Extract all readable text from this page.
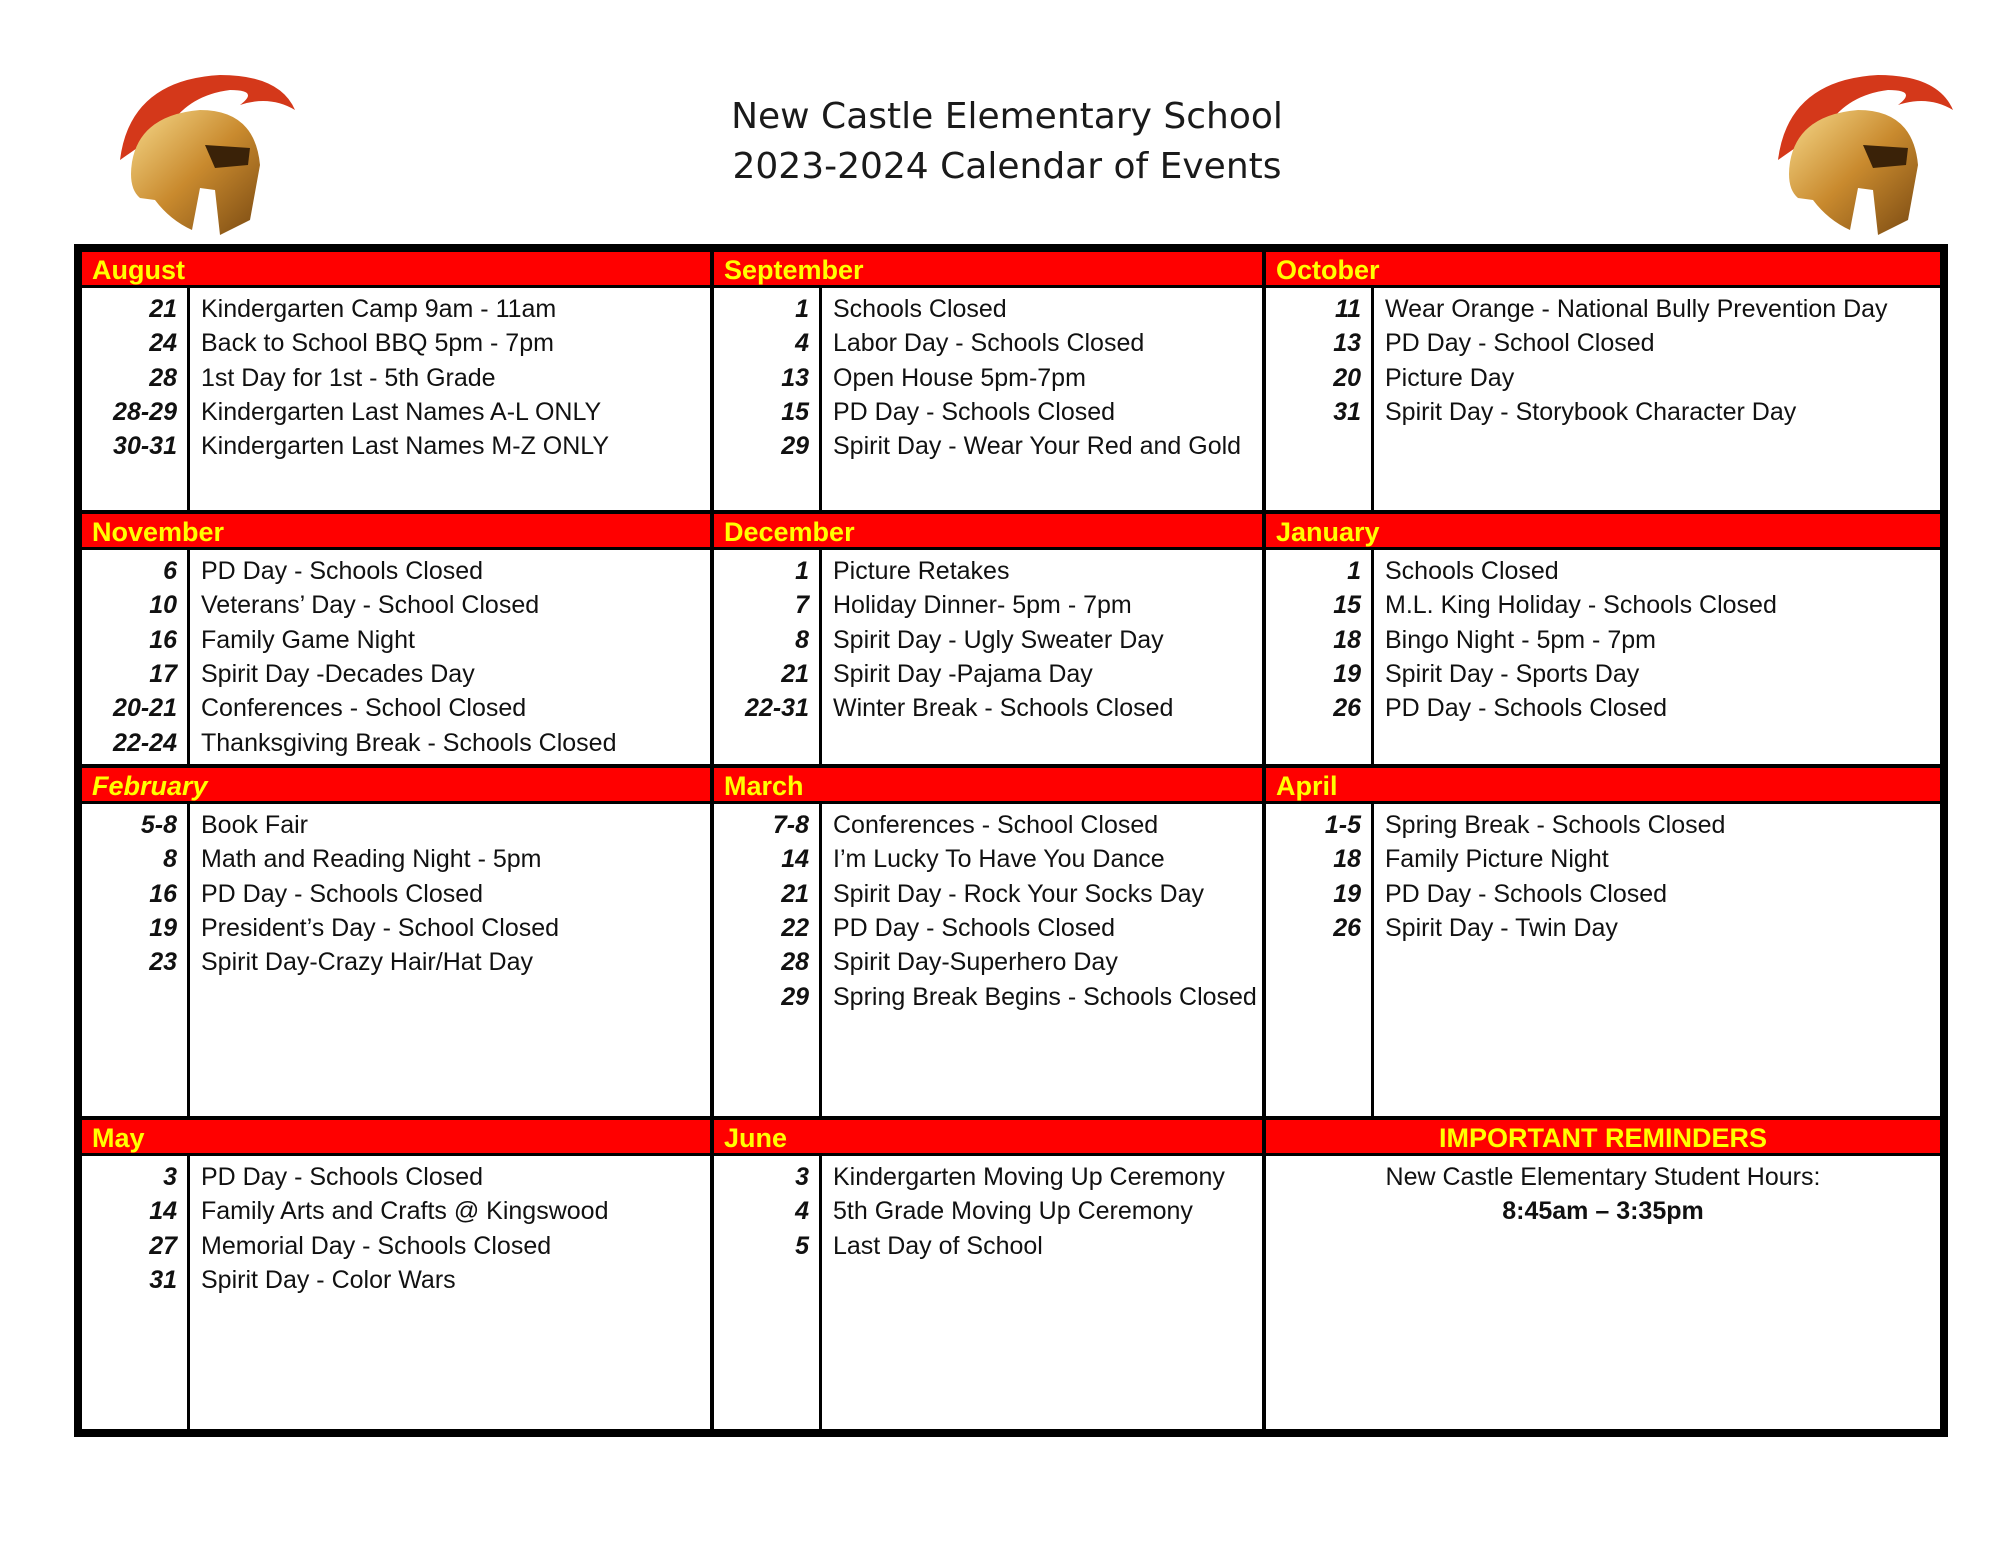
New Castle Elementary School
2023-2024 Calendar of Events
August
21 Kindergarten Camp 9am - 11am
24 Back to School BBQ 5pm - 7pm
28 1st Day for 1st - 5th Grade
28-29 Kindergarten Last Names A-L ONLY
30-31 Kindergarten Last Names M-Z ONLY
September
1 Schools Closed
4 Labor Day - Schools Closed
13 Open House 5pm-7pm
15 PD Day - Schools Closed
29 Spirit Day - Wear Your Red and Gold
October
11 Wear Orange - National Bully Prevention Day
13 PD Day - School Closed
20 Picture Day
31 Spirit Day - Storybook Character Day
November
6 PD Day - Schools Closed
10 Veterans’ Day - School Closed
16 Family Game Night
17 Spirit Day -Decades Day
20-21 Conferences - School Closed
22-24 Thanksgiving Break - Schools Closed
December
1 Picture Retakes
7 Holiday Dinner- 5pm - 7pm
8 Spirit Day - Ugly Sweater Day
21 Spirit Day -Pajama Day
22-31 Winter Break - Schools Closed
January
1 Schools Closed
15 M.L. King Holiday - Schools Closed
18 Bingo Night - 5pm - 7pm
19 Spirit Day - Sports Day
26 PD Day - Schools Closed
February
5-8 Book Fair
8 Math and Reading Night - 5pm
16 PD Day - Schools Closed
19 President’s Day - School Closed
23 Spirit Day-Crazy Hair/Hat Day
March
7-8 Conferences - School Closed
14 I’m Lucky To Have You Dance
21 Spirit Day - Rock Your Socks Day
22 PD Day - Schools Closed
28 Spirit Day-Superhero Day
29 Spring Break Begins - Schools Closed
April
1-5 Spring Break - Schools Closed
18 Family Picture Night
19 PD Day - Schools Closed
26 Spirit Day - Twin Day
May
3 PD Day - Schools Closed
14 Family Arts and Crafts @ Kingswood
27 Memorial Day - Schools Closed
31 Spirit Day - Color Wars
June
3 Kindergarten Moving Up Ceremony
4 5th Grade Moving Up Ceremony
5 Last Day of School
IMPORTANT REMINDERS
New Castle Elementary Student Hours:
8:45am – 3:35pm
